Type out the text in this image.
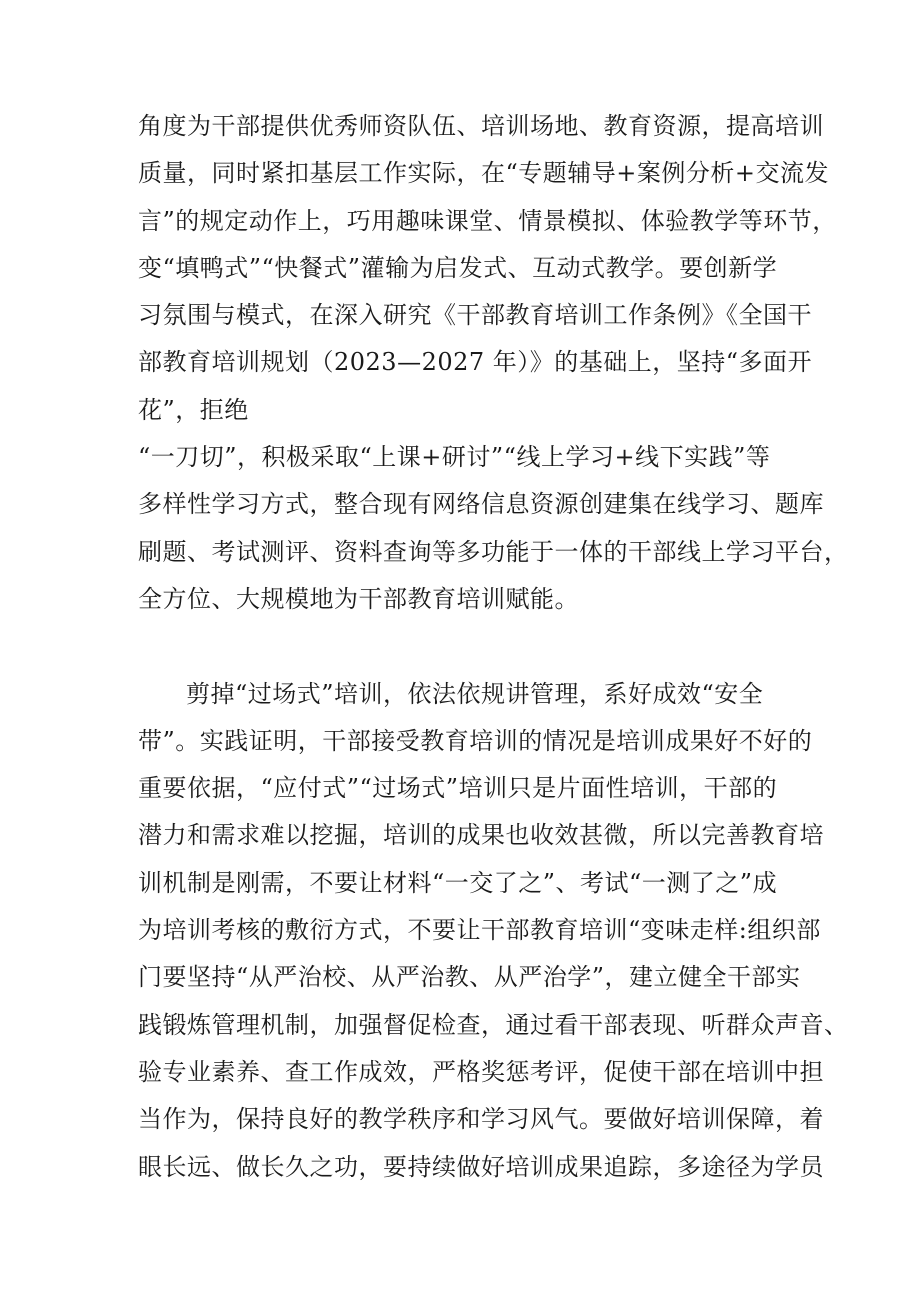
角度为干部提供优秀师资队伍、培训场地、教育资源，提高培训
质量，同时紧扣基层工作实际，在“专题辅导+案例分析+交流发
言”的规定动作上，巧用趣味课堂、情景模拟、体验教学等环节，
变“填鸭式”“快餐式”灌输为启发式、互动式教学。要创新学
习氛围与模式，在深入研究《干部教育培训工作条例》《全国干
部教育培训规划（2023—2027 年）》的基础上，坚持“多面开
花”，拒绝
“一刀切”，积极采取“上课+研讨”“线上学习+线下实践”等
多样性学习方式，整合现有网络信息资源创建集在线学习、题库
刷题、考试测评、资料查询等多功能于一体的干部线上学习平台，
全方位、大规模地为干部教育培训赋能。
剪掉“过场式”培训，依法依规讲管理，系好成效“安全
带”。实践证明，干部接受教育培训的情况是培训成果好不好的
重要依据，“应付式”“过场式”培训只是片面性培训，干部的
潜力和需求难以挖掘，培训的成果也收效甚微，所以完善教育培
训机制是刚需，不要让材料“一交了之”、考试“一测了之”成
为培训考核的敷衍方式，不要让干部教育培训“变味走样:组织部
门要坚持“从严治校、从严治教、从严治学”，建立健全干部实
践锻炼管理机制，加强督促检查，通过看干部表现、听群众声音、
验专业素养、查工作成效，严格奖惩考评，促使干部在培训中担
当作为，保持良好的教学秩序和学习风气。要做好培训保障，着
眼长远、做长久之功，要持续做好培训成果追踪，多途径为学员
